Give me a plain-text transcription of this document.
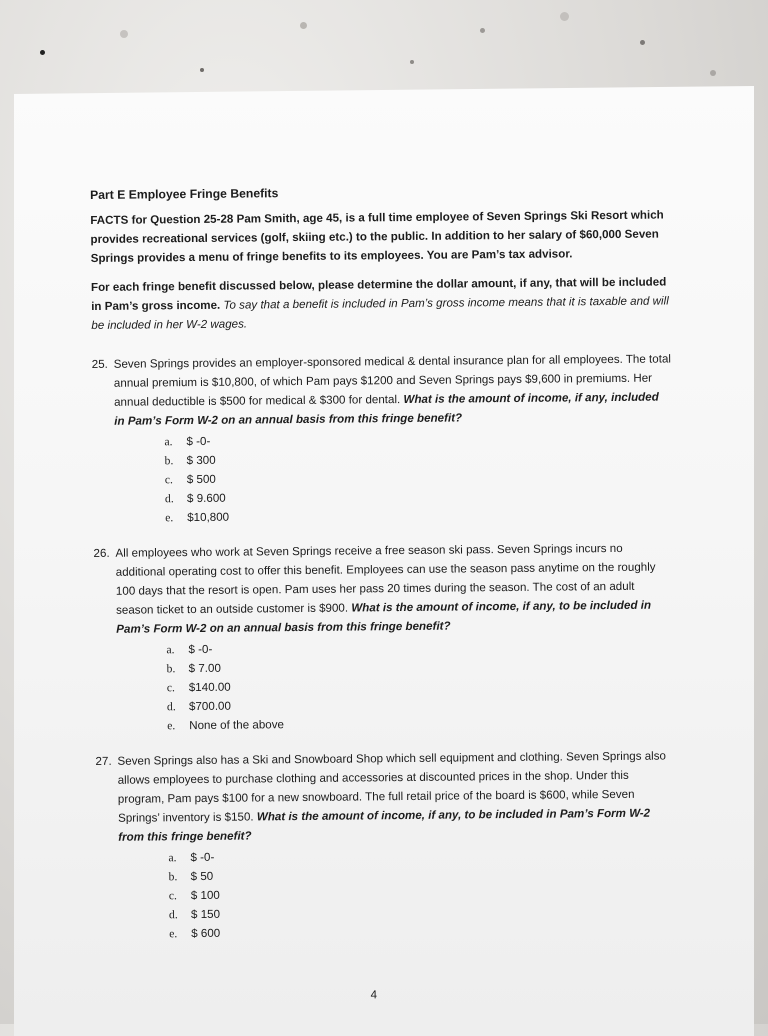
Part E Employee Fringe Benefits
FACTS for Question 25-28 Pam Smith, age 45, is a full time employee of Seven Springs Ski Resort which provides recreational services (golf, skiing etc.) to the public. In addition to her salary of $60,000 Seven Springs provides a menu of fringe benefits to its employees. You are Pam’s tax advisor.
For each fringe benefit discussed below, please determine the dollar amount, if any, that will be included in Pam’s gross income. To say that a benefit is included in Pam’s gross income means that it is taxable and will be included in her W-2 wages.
25. Seven Springs provides an employer-sponsored medical & dental insurance plan for all employees. The total annual premium is $10,800, of which Pam pays $1200 and Seven Springs pays $9,600 in premiums. Her annual deductible is $500 for medical & $300 for dental. What is the amount of income, if any, included in Pam’s Form W-2 on an annual basis from this fringe benefit?
a.	$ -0-
b.	$ 300
c.	$ 500
d.	$ 9.600
e.	$10,800
26. All employees who work at Seven Springs receive a free season ski pass. Seven Springs incurs no additional operating cost to offer this benefit. Employees can use the season pass anytime on the roughly 100 days that the resort is open. Pam uses her pass 20 times during the season. The cost of an adult season ticket to an outside customer is $900. What is the amount of income, if any, to be included in Pam’s Form W-2 on an annual basis from this fringe benefit?
a.	$ -0-
b.	$ 7.00
c.	$140.00
d.	$700.00
e.	None of the above
27. Seven Springs also has a Ski and Snowboard Shop which sell equipment and clothing. Seven Springs also allows employees to purchase clothing and accessories at discounted prices in the shop. Under this program, Pam pays $100 for a new snowboard. The full retail price of the board is $600, while Seven Springs’ inventory is $150. What is the amount of income, if any, to be included in Pam’s Form W-2 from this fringe benefit?
a.	$ -0-
b.	$ 50
c.	$ 100
d.	$ 150
e.	$ 600
4
